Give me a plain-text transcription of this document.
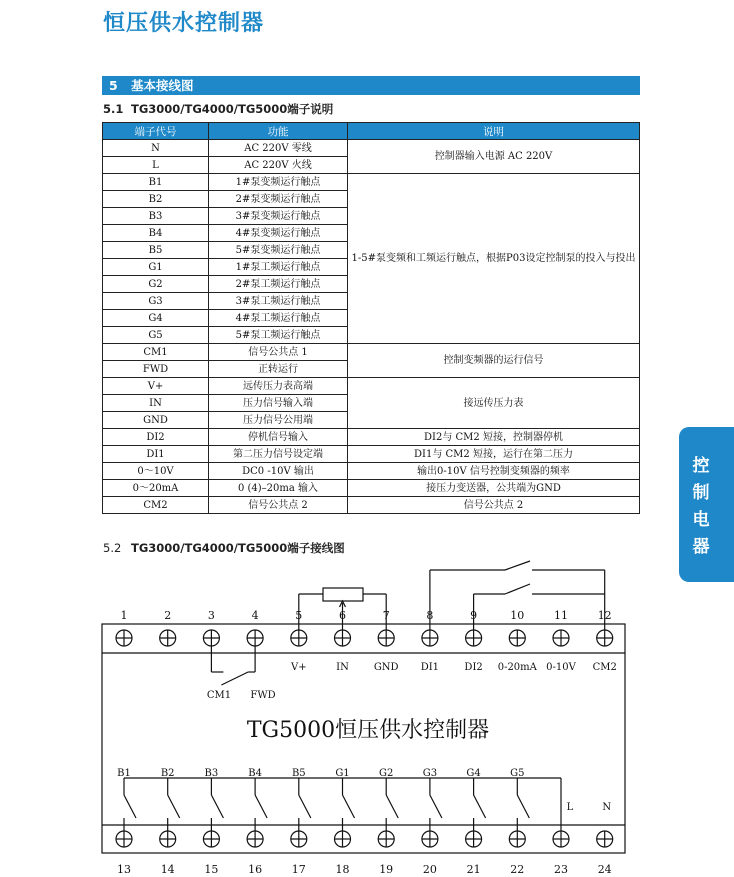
恒压供水控制器
5 基本接线图
5.1 TG3000/TG4000/TG5000端子说明
端子代号	功能	说明
N	AC 220V 零线	控制器输入电源 AC 220V
L	AC 220V 火线	
B1	1#泵变频运行触点	1-5#泵变频和工频运行触点，根据P03设定控制泵的投入与投出
B2	2#泵变频运行触点	
B3	3#泵变频运行触点	
B4	4#泵变频运行触点	
B5	5#泵变频运行触点	
G1	1#泵工频运行触点	
G2	2#泵工频运行触点	
G3	3#泵工频运行触点	
G4	4#泵工频运行触点	
G5	5#泵工频运行触点	
CM1	信号公共点 1	控制变频器的运行信号
FWD	正转运行	
V+	远传压力表高端	接远传压力表
IN	压力信号输入端	
GND	压力信号公用端	
DI2	停机信号输入	DI2与 CM2 短接，控制器停机
DI1	第二压力信号设定端	DI1与 CM2 短接，运行在第二压力
0～10V	DC0 -10V 输出	输出0-10V 信号控制变频器的频率
0～20mA	0 (4)–20ma 输入	接压力变送器，公共端为GND
CM2	信号公共点 2	信号公共点 2
控
制
电
器
5.2 TG3000/TG4000/TG5000端子接线图
TG5000恒压供水控制器
CM1 FWD
1
13
2
14
3
15
4
16
5
17
6
18
7
19
8
20
9
21
10
22
11
23
12
24
V+	IN GND DI1	DI2 0-20mA 0-10V CM2
B1	B2	B3	B4	B5	G1	G2	G3	G4	G5
L	N
